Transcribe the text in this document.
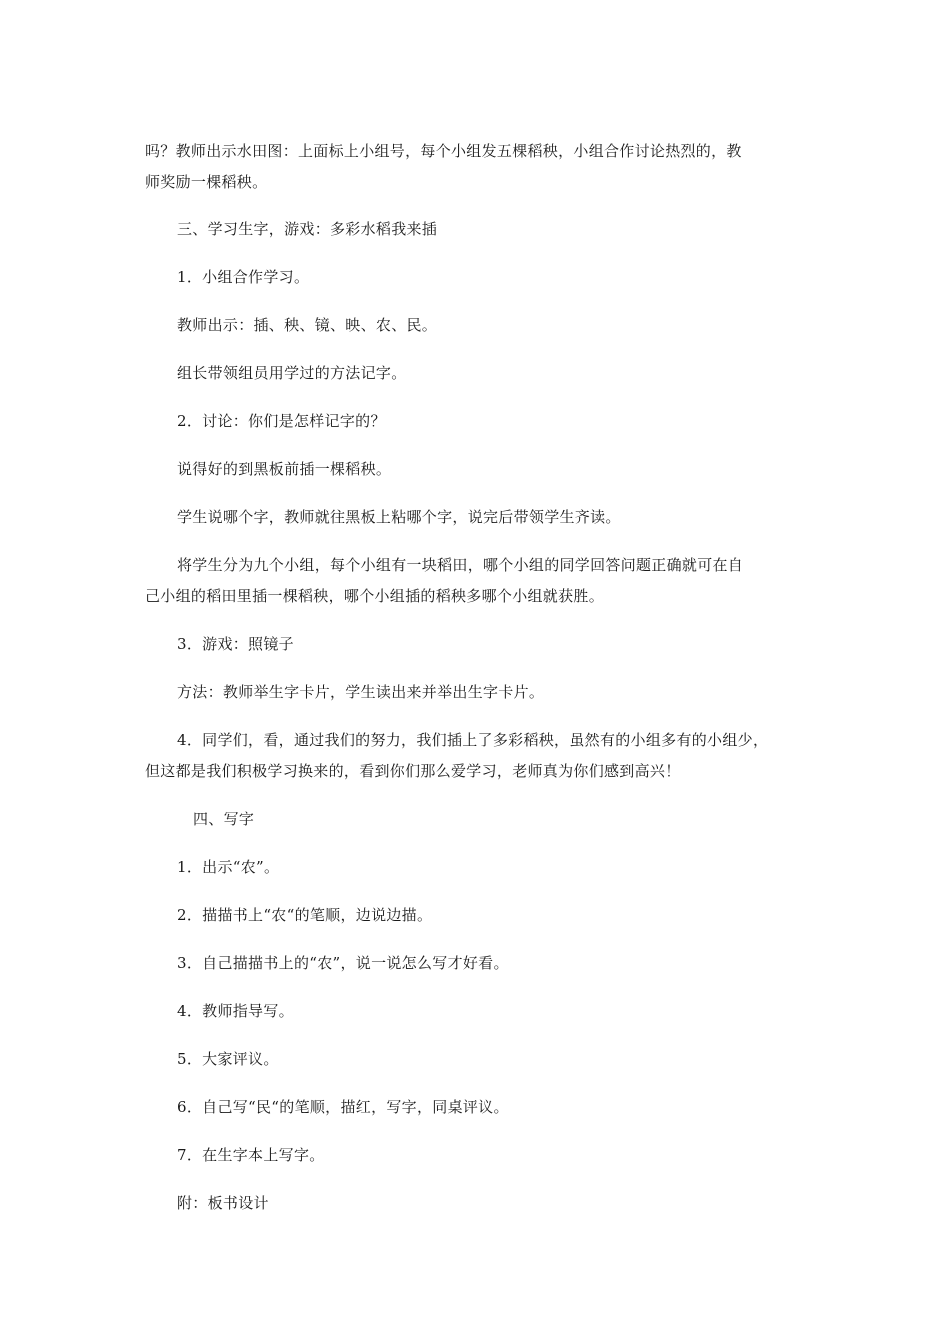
吗？教师出示水田图：上面标上小组号，每个小组发五棵稻秧，小组合作讨论热烈的，教
师奖励一棵稻秧。
三、学习生字，游戏：多彩水稻我来插
1．小组合作学习。
教师出示：插、秧、镜、映、农、民。
组长带领组员用学过的方法记字。
2．讨论：你们是怎样记字的？
说得好的到黑板前插一棵稻秧。
学生说哪个字，教师就往黑板上粘哪个字，说完后带领学生齐读。
将学生分为九个小组，每个小组有一块稻田，哪个小组的同学回答问题正确就可在自
己小组的稻田里插一棵稻秧，哪个小组插的稻秧多哪个小组就获胜。
3．游戏：照镜子
方法：教师举生字卡片，学生读出来并举出生字卡片。
4．同学们，看，通过我们的努力，我们插上了多彩稻秧，虽然有的小组多有的小组少，
但这都是我们积极学习换来的，看到你们那么爱学习，老师真为你们感到高兴！
四、写字
1．出示“农”。
2．描描书上“农“的笔顺，边说边描。
3．自己描描书上的“农”，说一说怎么写才好看。
4．教师指导写。
5．大家评议。
6．自己写“民“的笔顺，描红，写字，同桌评议。
7．在生字本上写字。
附：板书设计
